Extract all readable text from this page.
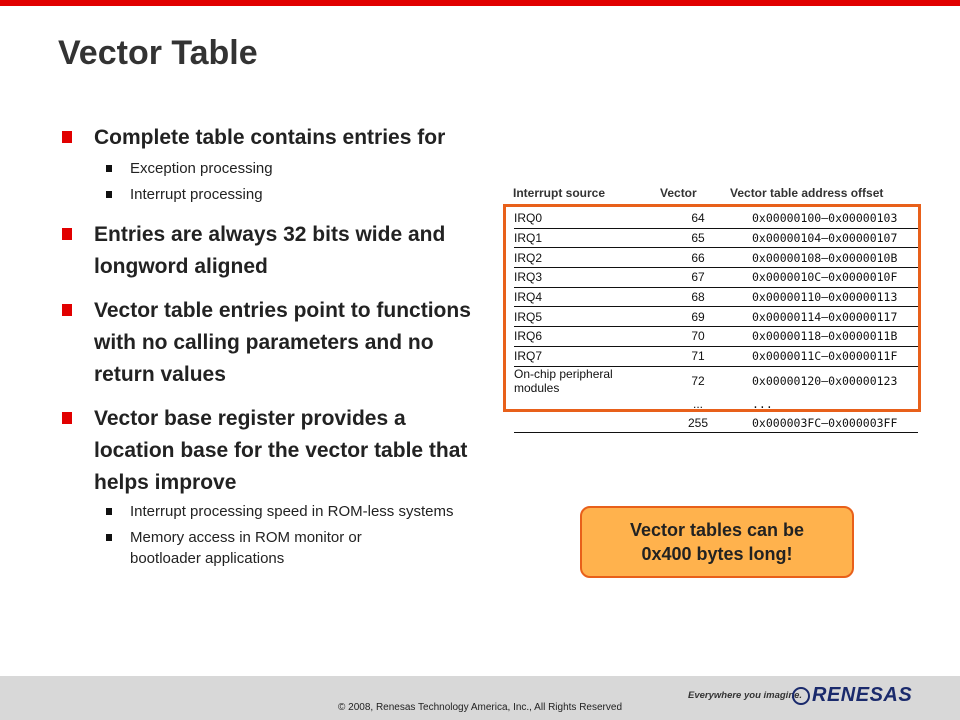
Vector Table
Complete table contains entries for
Exception processing
Interrupt processing
Entries are always 32 bits wide and longword aligned
Vector table entries point to functions with no calling parameters and no return values
Vector base register provides a location base for the vector table that helps improve
Interrupt processing speed in ROM-less systems
Memory access in ROM monitor or bootloader applications
Interrupt source	Vector	Vector table address offset
IRQ0	64	0x00000100–0x00000103
IRQ1	65	0x00000104–0x00000107
IRQ2	66	0x00000108–0x0000010B
IRQ3	67	0x0000010C–0x0000010F
IRQ4	68	0x00000110–0x00000113
IRQ5	69	0x00000114–0x00000117
IRQ6	70	0x00000118–0x0000011B
IRQ7	71	0x0000011C–0x0000011F
On-chip peripheral modules	72	0x00000120–0x00000123
	...	...
	255	0x000003FC–0x000003FF
Vector tables can be
0x400 bytes long!
© 2008, Renesas Technology America, Inc., All Rights Reserved
Everywhere you imagine. RENESAS
